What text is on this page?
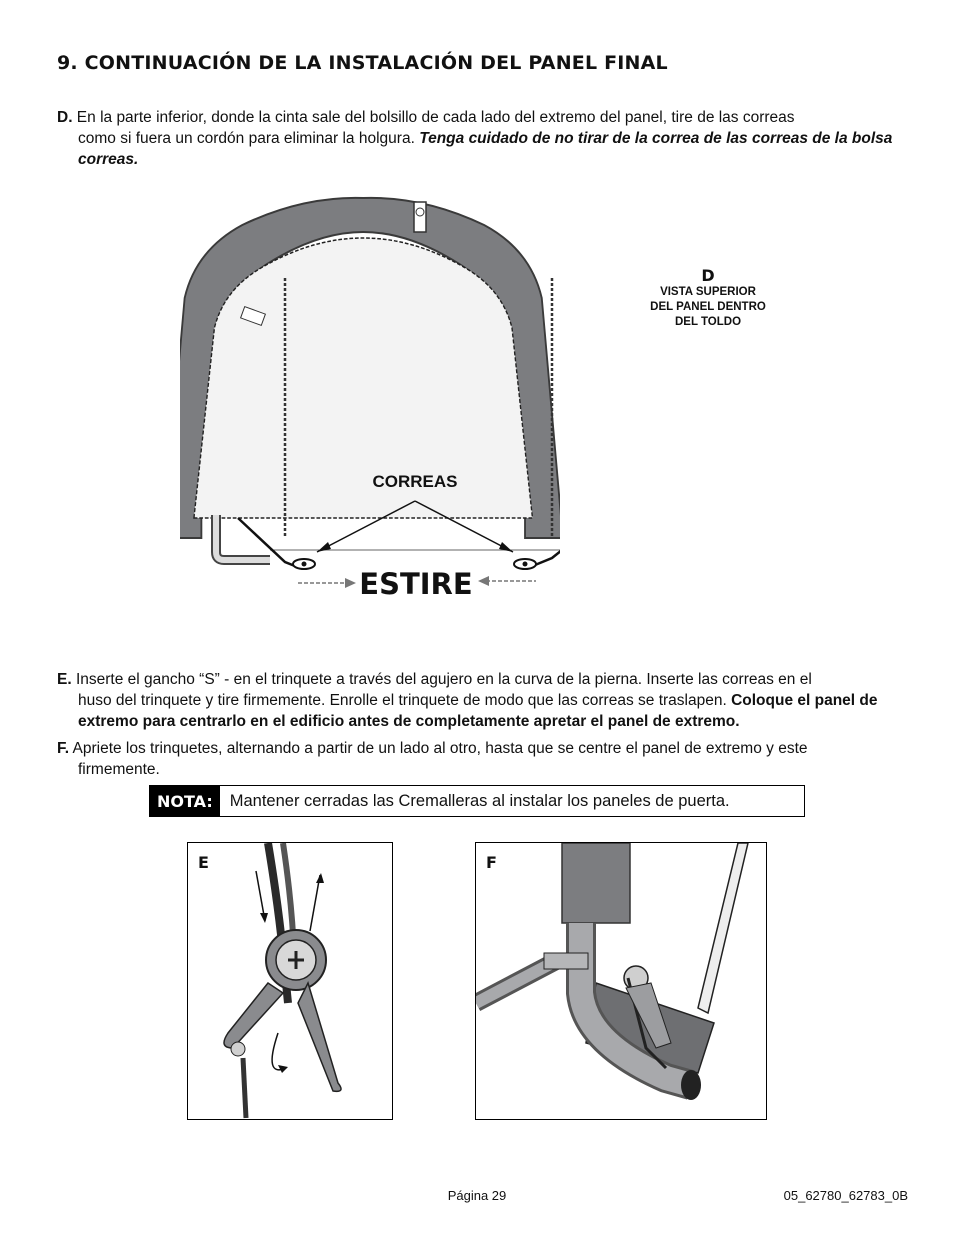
9. CONTINUACIÓN DE LA INSTALACIÓN DEL PANEL FINAL
D. En la parte inferior, donde la cinta sale del bolsillo de cada lado del extremo del panel, tire de las correas
como si fuera un cordón para eliminar la holgura. Tenga cuidado de no tirar de la correa de las correas de la bolsa correas.
CORREAS
ESTIRE
D
VISTA SUPERIOR
DEL PANEL DENTRO
DEL TOLDO
E. Inserte el gancho “S” - en el trinquete a través del agujero en la curva de la pierna. Inserte las correas en el
huso del trinquete y tire firmemente. Enrolle el trinquete de modo que las correas se traslapen. Coloque el panel de extremo para centrarlo en el edificio antes de completamente apretar el panel de extremo.
F. Apriete los trinquetes, alternando a partir de un lado al otro, hasta que se centre el panel de extremo y este
firmemente.
NOTA:	Mantener cerradas las Cremalleras al instalar los paneles de puerta.
E	F
Página 29	05_62780_62783_0B
